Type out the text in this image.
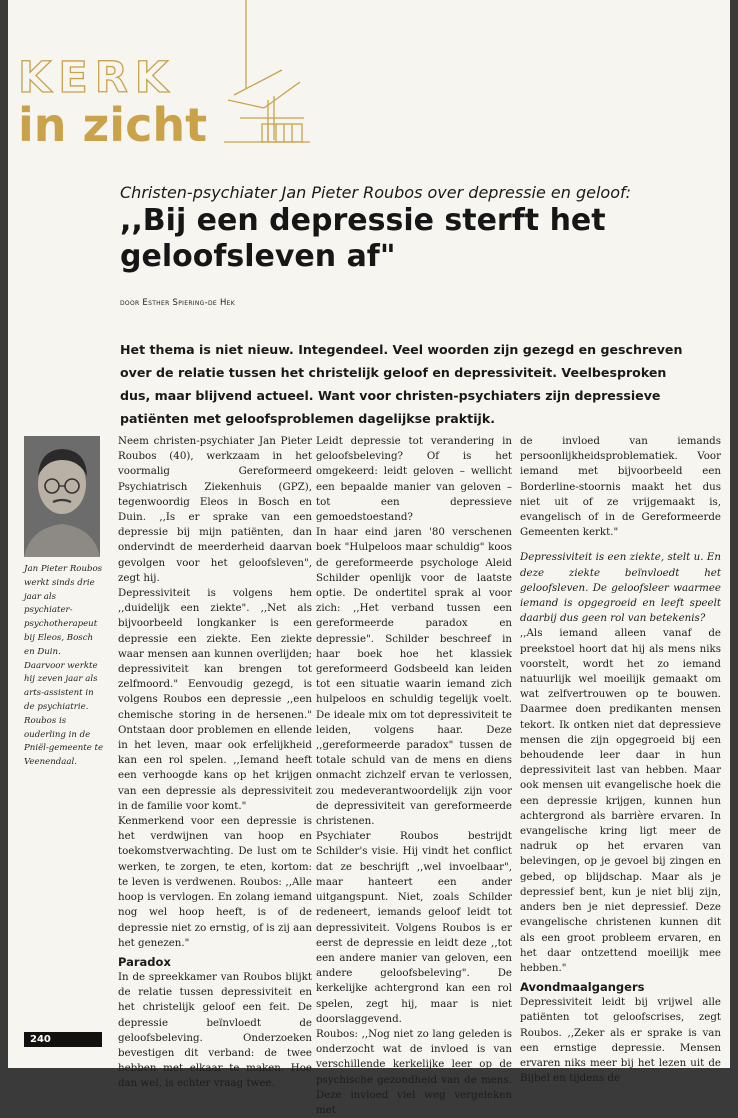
KERK
in zicht
Christen-psychiater Jan Pieter Roubos over depressie en geloof:
,,Bij een depressie sterft het geloofsleven af"
door Esther Spiering-de Hek
Het thema is niet nieuw. Integendeel. Veel woorden zijn gezegd en geschreven over de relatie tussen het christelijk geloof en depressiviteit. Veelbesproken dus, maar blijvend actueel. Want voor christen-psychiaters zijn depressieve patiënten met geloofsproblemen dagelijkse praktijk.
Jan Pieter Roubos werkt sinds drie jaar als psychiater-psychotherapeut bij Eleos, Bosch en Duin. Daarvoor werkte hij zeven jaar als arts-assistent in de psychiatrie. Roubos is ouderling in de Pniël-gemeente te Veenendaal.

Neem christen-psychiater Jan Pieter Roubos (40), werkzaam in het voormalig Gereformeerd Psychiatrisch Ziekenhuis (GPZ), tegenwoordig Eleos in Bosch en Duin. ,,Is er sprake van een depressie bij mijn patiënten, dan ondervindt de meerderheid daarvan gevolgen voor het geloofsleven", zegt hij.

Depressiviteit is volgens hem ,,duidelijk een ziekte". ,,Net als bijvoorbeeld longkanker is een depressie een ziekte. Een ziekte waar mensen aan kunnen overlijden; depressiviteit kan brengen tot zelfmoord." Eenvoudig gezegd, is volgens Roubos een depressie ,,een chemische storing in de hersenen." Ontstaan door problemen en ellende in het leven, maar ook erfelijkheid kan een rol spelen. ,,Iemand heeft een verhoogde kans op het krijgen van een depressie als depressiviteit in de familie voor komt."

Kenmerkend voor een depressie is het verdwijnen van hoop en toekomstverwachting. De lust om te werken, te zorgen, te eten, kortom: te leven is verdwenen. Roubos: ,,Alle hoop is vervlogen. En zolang iemand nog wel hoop heeft, is of de depressie niet zo ernstig, of is zij aan het genezen."

Paradox

In de spreekkamer van Roubos blijkt de relatie tussen depressiviteit en het christelijk geloof een feit. De depressie beïnvloedt de geloofsbeleving. Onderzoeken bevestigen dit verband: de twee hebben met elkaar te maken. Hoe dan wel, is echter vraag twee.

Leidt depressie tot verandering in geloofsbeleving? Of is het omgekeerd: leidt geloven – wellicht een bepaalde manier van geloven – tot een depressieve gemoedstoestand?

In haar eind jaren '80 verschenen boek "Hulpeloos maar schuldig" koos de gereformeerde psychologe Aleid Schilder openlijk voor de laatste optie. De ondertitel sprak al voor zich: ,,Het verband tussen een gereformeerde paradox en depressie". Schilder beschreef in haar boek hoe het klassiek gereformeerd Godsbeeld kan leiden tot een situatie waarin iemand zich hulpeloos en schuldig tegelijk voelt. De ideale mix om tot depressiviteit te leiden, volgens haar. Deze ,,gereformeerde paradox" tussen de totale schuld van de mens en diens onmacht zichzelf ervan te verlossen, zou medeverantwoordelijk zijn voor de depressiviteit van gereformeerde christenen.

Psychiater Roubos bestrijdt Schilder's visie. Hij vindt het conflict dat ze beschrijft ,,wel invoelbaar", maar hanteert een ander uitgangspunt. Niet, zoals Schilder redeneert, iemands geloof leidt tot depressiviteit. Volgens Roubos is er eerst de depressie en leidt deze ,,tot een andere manier van geloven, een andere geloofsbeleving". De kerkelijke achtergrond kan een rol spelen, zegt hij, maar is niet doorslaggevend.

Roubos: ,,Nog niet zo lang geleden is onderzocht wat de invloed is van verschillende kerkelijke leer op de psychische gezondheid van de mens. Deze invloed viel weg vergeleken met

de invloed van iemands persoonlijkheidsproblematiek. Voor iemand met bijvoorbeeld een Borderline-stoornis maakt het dus niet uit of ze vrijgemaakt is, evangelisch of in de Gereformeerde Gemeenten kerkt."

Depressiviteit is een ziekte, stelt u. En deze ziekte beïnvloedt het geloofsleven. De geloofsleer waarmee iemand is opgegroeid en leeft speelt daarbij dus geen rol van betekenis?

,,Als iemand alleen vanaf de preekstoel hoort dat hij als mens niks voorstelt, wordt het zo iemand natuurlijk wel moeilijk gemaakt om wat zelfvertrouwen op te bouwen. Daarmee doen predikanten mensen tekort. Ik ontken niet dat depressieve mensen die zijn opgegroeid bij een behoudende leer daar in hun depressiviteit last van hebben. Maar ook mensen uit evangelische hoek die een depressie krijgen, kunnen hun achtergrond als barrière ervaren. In evangelische kring ligt meer de nadruk op het ervaren van belevingen, op je gevoel bij zingen en gebed, op blijdschap. Maar als je depressief bent, kun je niet blij zijn, anders ben je niet depressief. Deze evangelische christenen kunnen dit als een groot probleem ervaren, en het daar ontzettend moeilijk mee hebben."

Avondmaalgangers

Depressiviteit leidt bij vrijwel alle patiënten tot geloofscrises, zegt Roubos. ,,Zeker als er sprake is van een ernstige depressie. Mensen ervaren niks meer bij het lezen uit de Bijbel en tijdens de

240
